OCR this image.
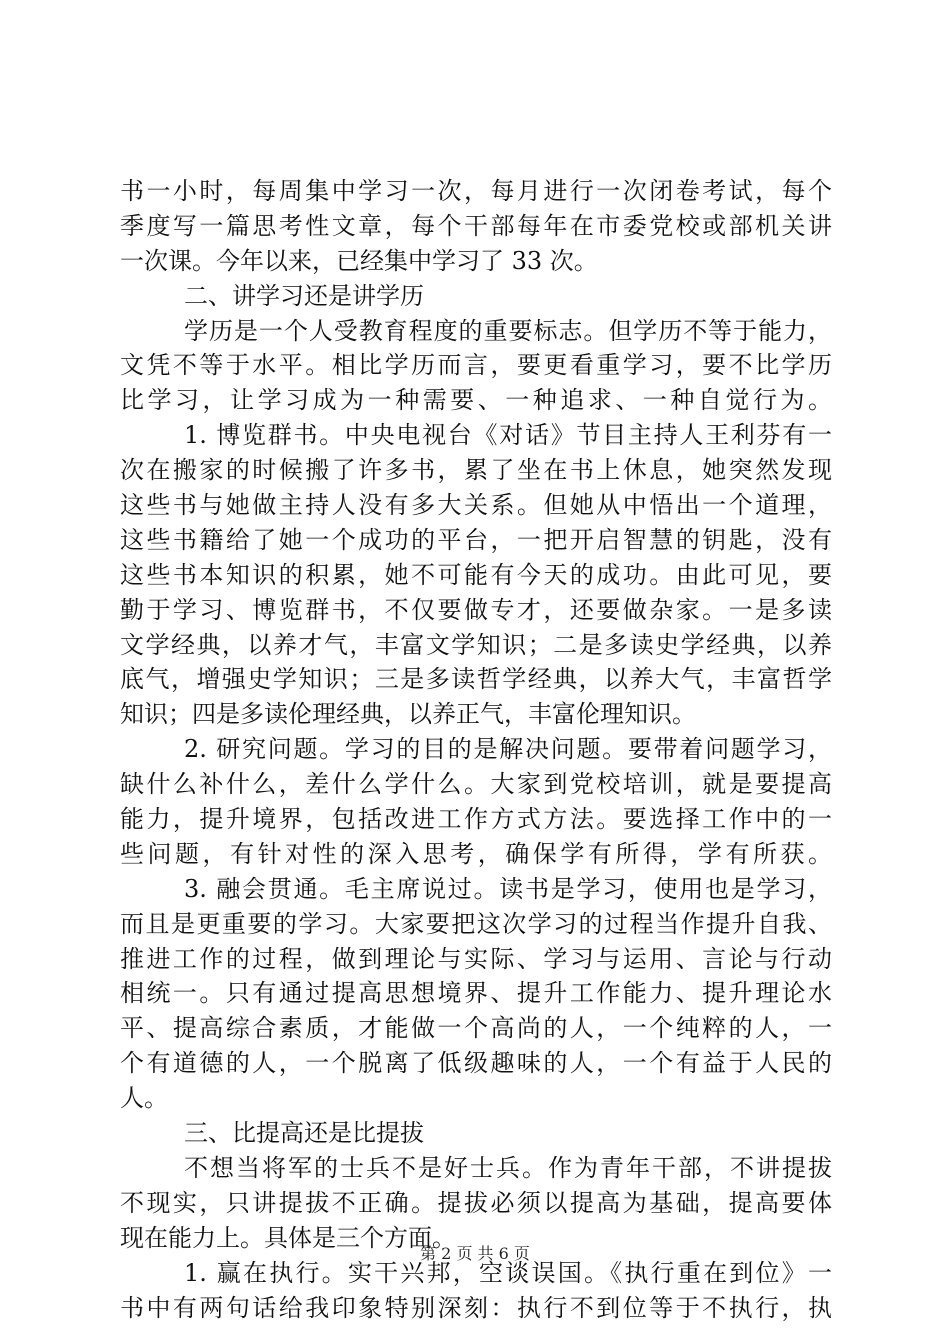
书一小时，每周集中学习一次，每月进行一次闭卷考试，每个
季度写一篇思考性文章，每个干部每年在市委党校或部机关讲
一次课。今年以来，已经集中学习了 33 次。
二、讲学习还是讲学历
学历是一个人受教育程度的重要标志。但学历不等于能力，
文凭不等于水平。相比学历而言，要更看重学习，要不比学历
比学习，让学习成为一种需要、一种追求、一种自觉行为。
1. 博览群书。中央电视台《对话》节目主持人王利芬有一
次在搬家的时候搬了许多书，累了坐在书上休息，她突然发现
这些书与她做主持人没有多大关系。但她从中悟出一个道理，
这些书籍给了她一个成功的平台，一把开启智慧的钥匙，没有
这些书本知识的积累，她不可能有今天的成功。由此可见，要
勤于学习、博览群书，不仅要做专才，还要做杂家。一是多读
文学经典，以养才气，丰富文学知识；二是多读史学经典，以养
底气，增强史学知识；三是多读哲学经典，以养大气，丰富哲学
知识；四是多读伦理经典，以养正气，丰富伦理知识。
2. 研究问题。学习的目的是解决问题。要带着问题学习，
缺什么补什么，差什么学什么。大家到党校培训，就是要提高
能力，提升境界，包括改进工作方式方法。要选择工作中的一
些问题，有针对性的深入思考，确保学有所得，学有所获。
3. 融会贯通。毛主席说过。读书是学习，使用也是学习，
而且是更重要的学习。大家要把这次学习的过程当作提升自我、
推进工作的过程，做到理论与实际、学习与运用、言论与行动
相统一。只有通过提高思想境界、提升工作能力、提升理论水
平、提高综合素质，才能做一个高尚的人，一个纯粹的人，一
个有道德的人，一个脱离了低级趣味的人，一个有益于人民的
人。
三、比提高还是比提拔
不想当将军的士兵不是好士兵。作为青年干部，不讲提拔
不现实，只讲提拔不正确。提拔必须以提高为基础，提高要体
现在能力上。具体是三个方面。
1. 赢在执行。实干兴邦，空谈误国。《执行重在到位》一
书中有两句话给我印象特别深刻：执行不到位等于不执行，执
第 2 页 共 6 页
